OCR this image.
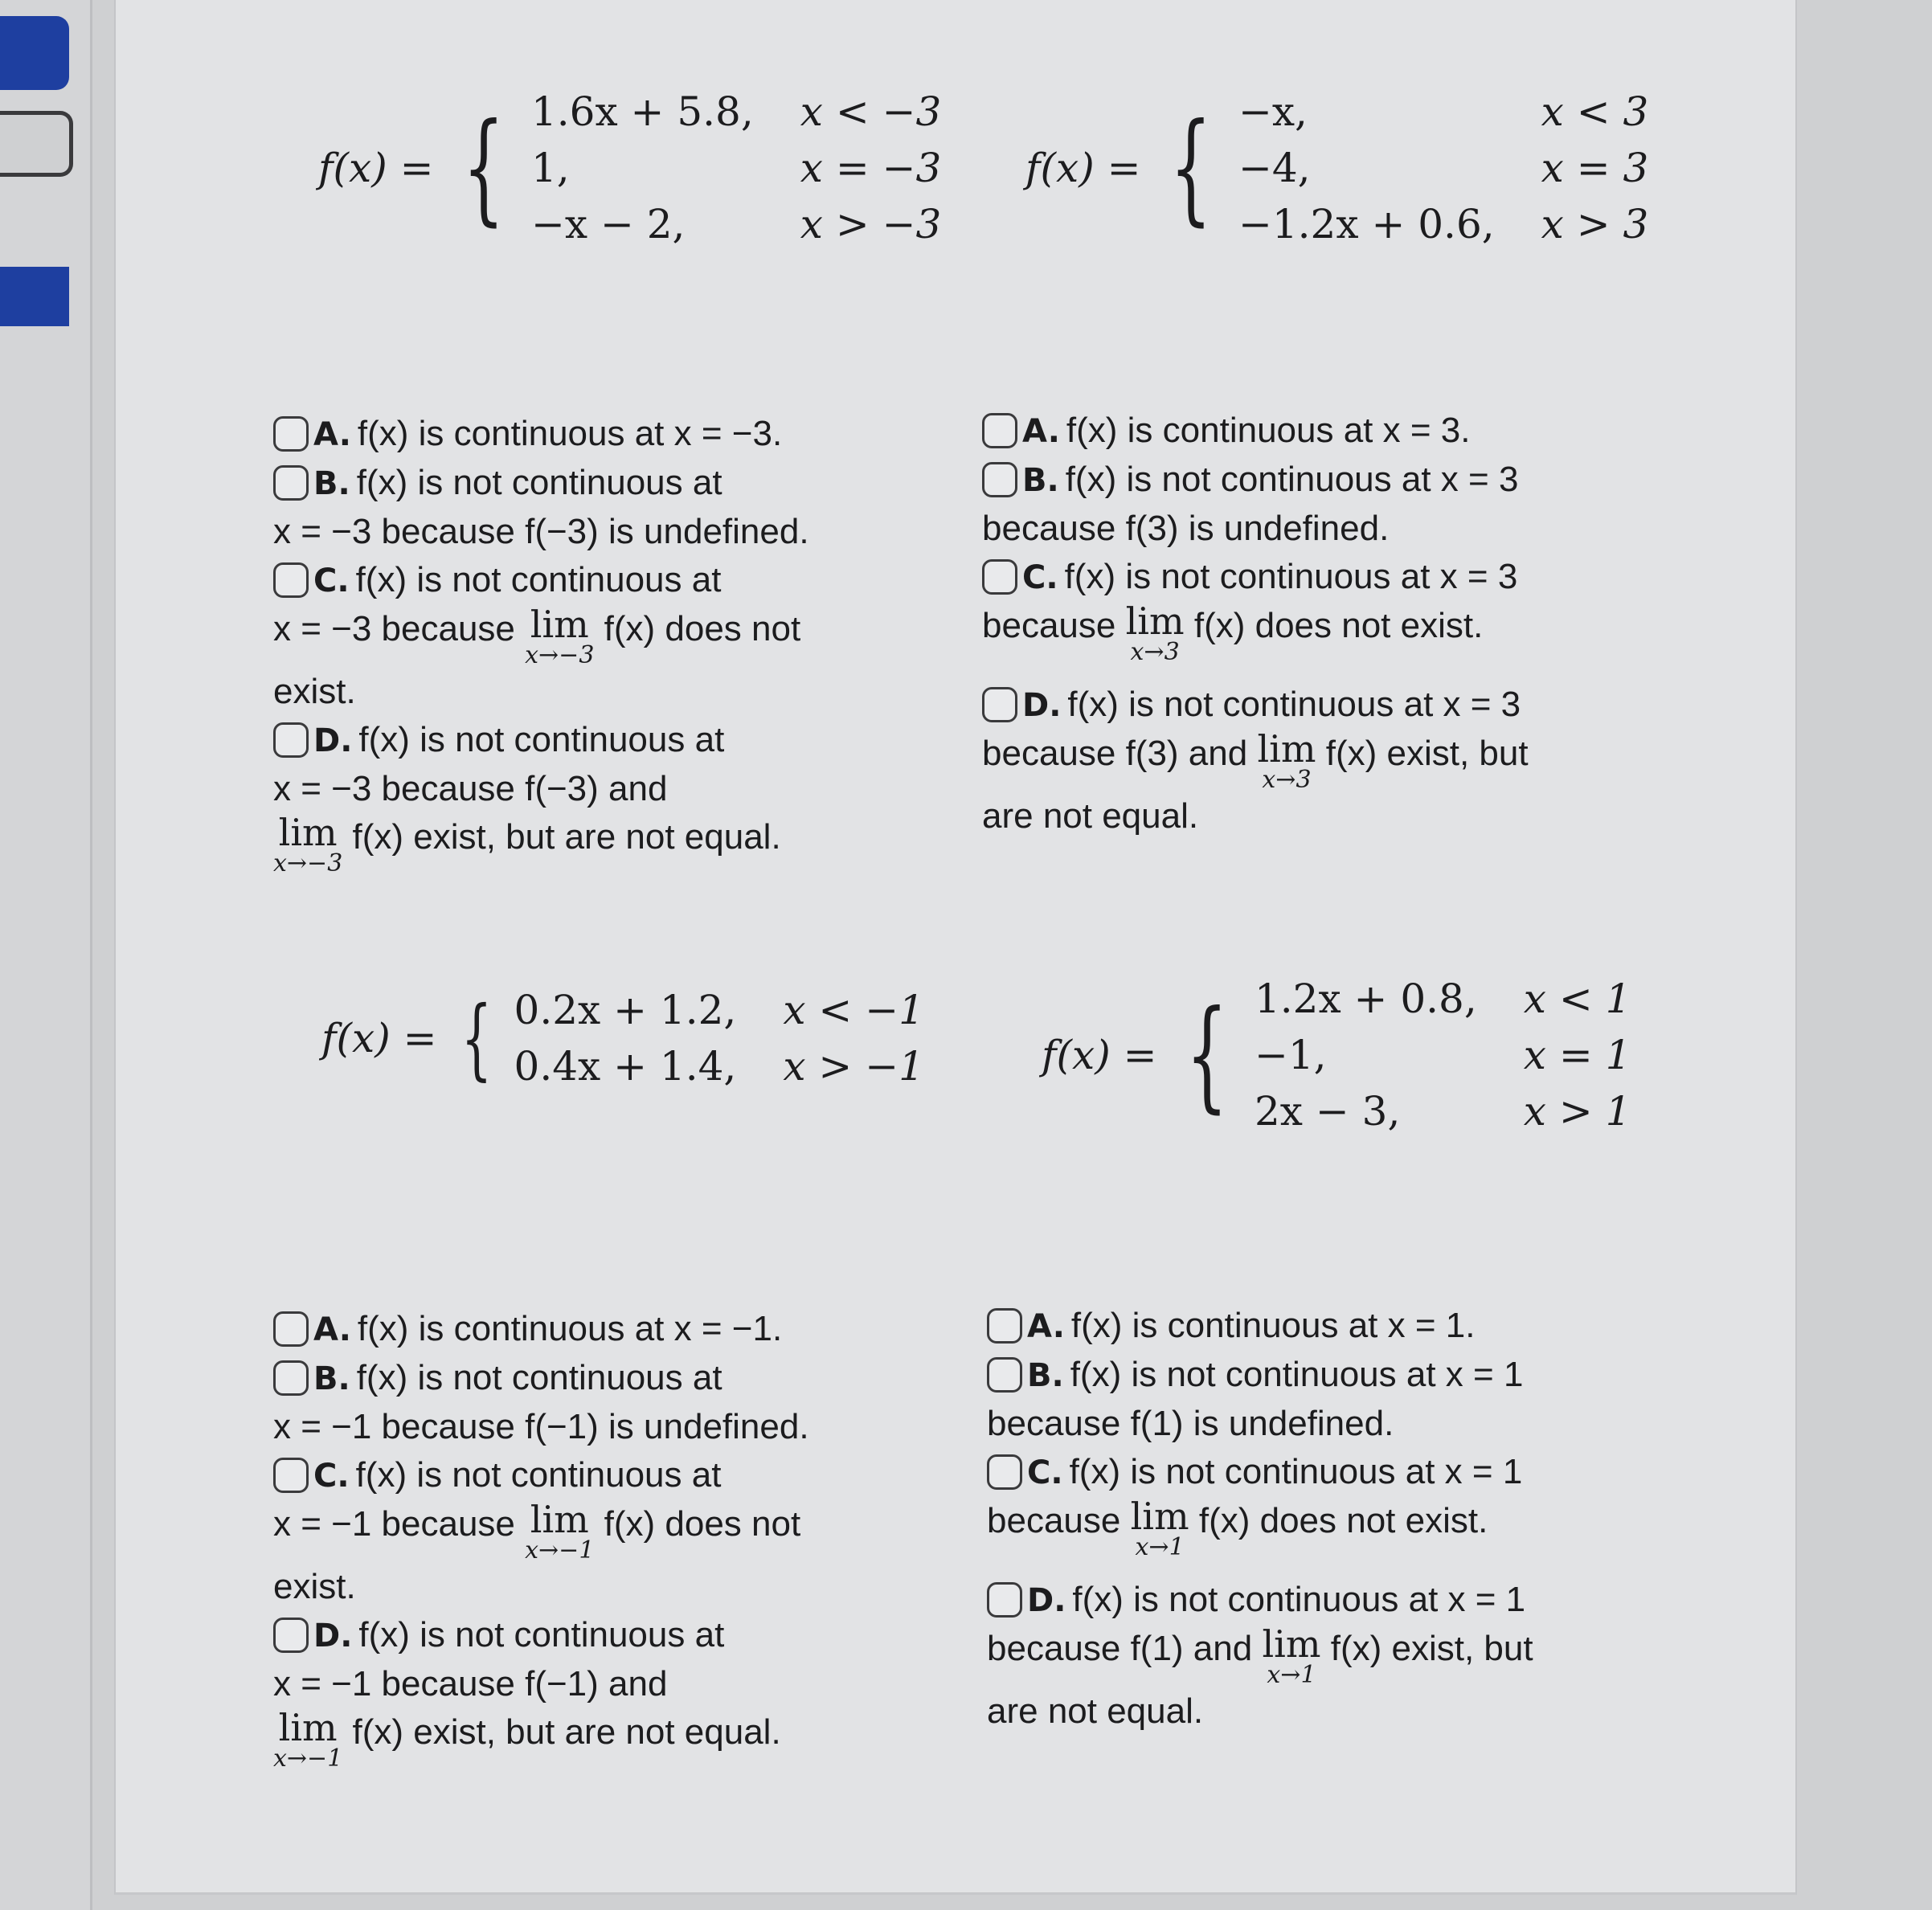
f(x) = { 1.6x + 5.8, x < −3
1,	x = −3
−x − 2,	x > −3
A. f(x) is continuous at x = −3.
B. f(x) is not continuous at
x = −3 because f(−3) is undefined.
C. f(x) is not continuous at
x = −3 because lim
x→−3
f(x) does not
exist.
D. f(x) is not continuous at
x = −3 because f(−3) and
lim
x→−3
f(x) exist, but are not equal.
f(x) = { −x,	x < 3
−4,	x = 3
−1.2x + 0.6, x > 3
A. f(x) is continuous at x = 3.
B. f(x) is not continuous at x = 3
because f(3) is undefined.
C. f(x) is not continuous at x = 3
because lim
x→3
f(x) does not exist.
D. f(x) is not continuous at x = 3
because f(3) and lim
x→3
f(x) exist, but
are not equal.
f(x) = { 0.2x + 1.2, x < −1
0.4x + 1.4, x > −1
A. f(x) is continuous at x = −1.
B. f(x) is not continuous at
x = −1 because f(−1) is undefined.
C. f(x) is not continuous at
x = −1 because lim
x→−1
f(x) does not
exist.
D. f(x) is not continuous at
x = −1 because f(−1) and
lim
x→−1
f(x) exist, but are not equal.
f(x) = { 1.2x + 0.8, x < 1
−1,	x = 1
2x − 3,	x > 1
A. f(x) is continuous at x = 1.
B. f(x) is not continuous at x = 1
because f(1) is undefined.
C. f(x) is not continuous at x = 1
because lim
x→1
f(x) does not exist.
D. f(x) is not continuous at x = 1
because f(1) and lim
x→1
f(x) exist, but
are not equal.
